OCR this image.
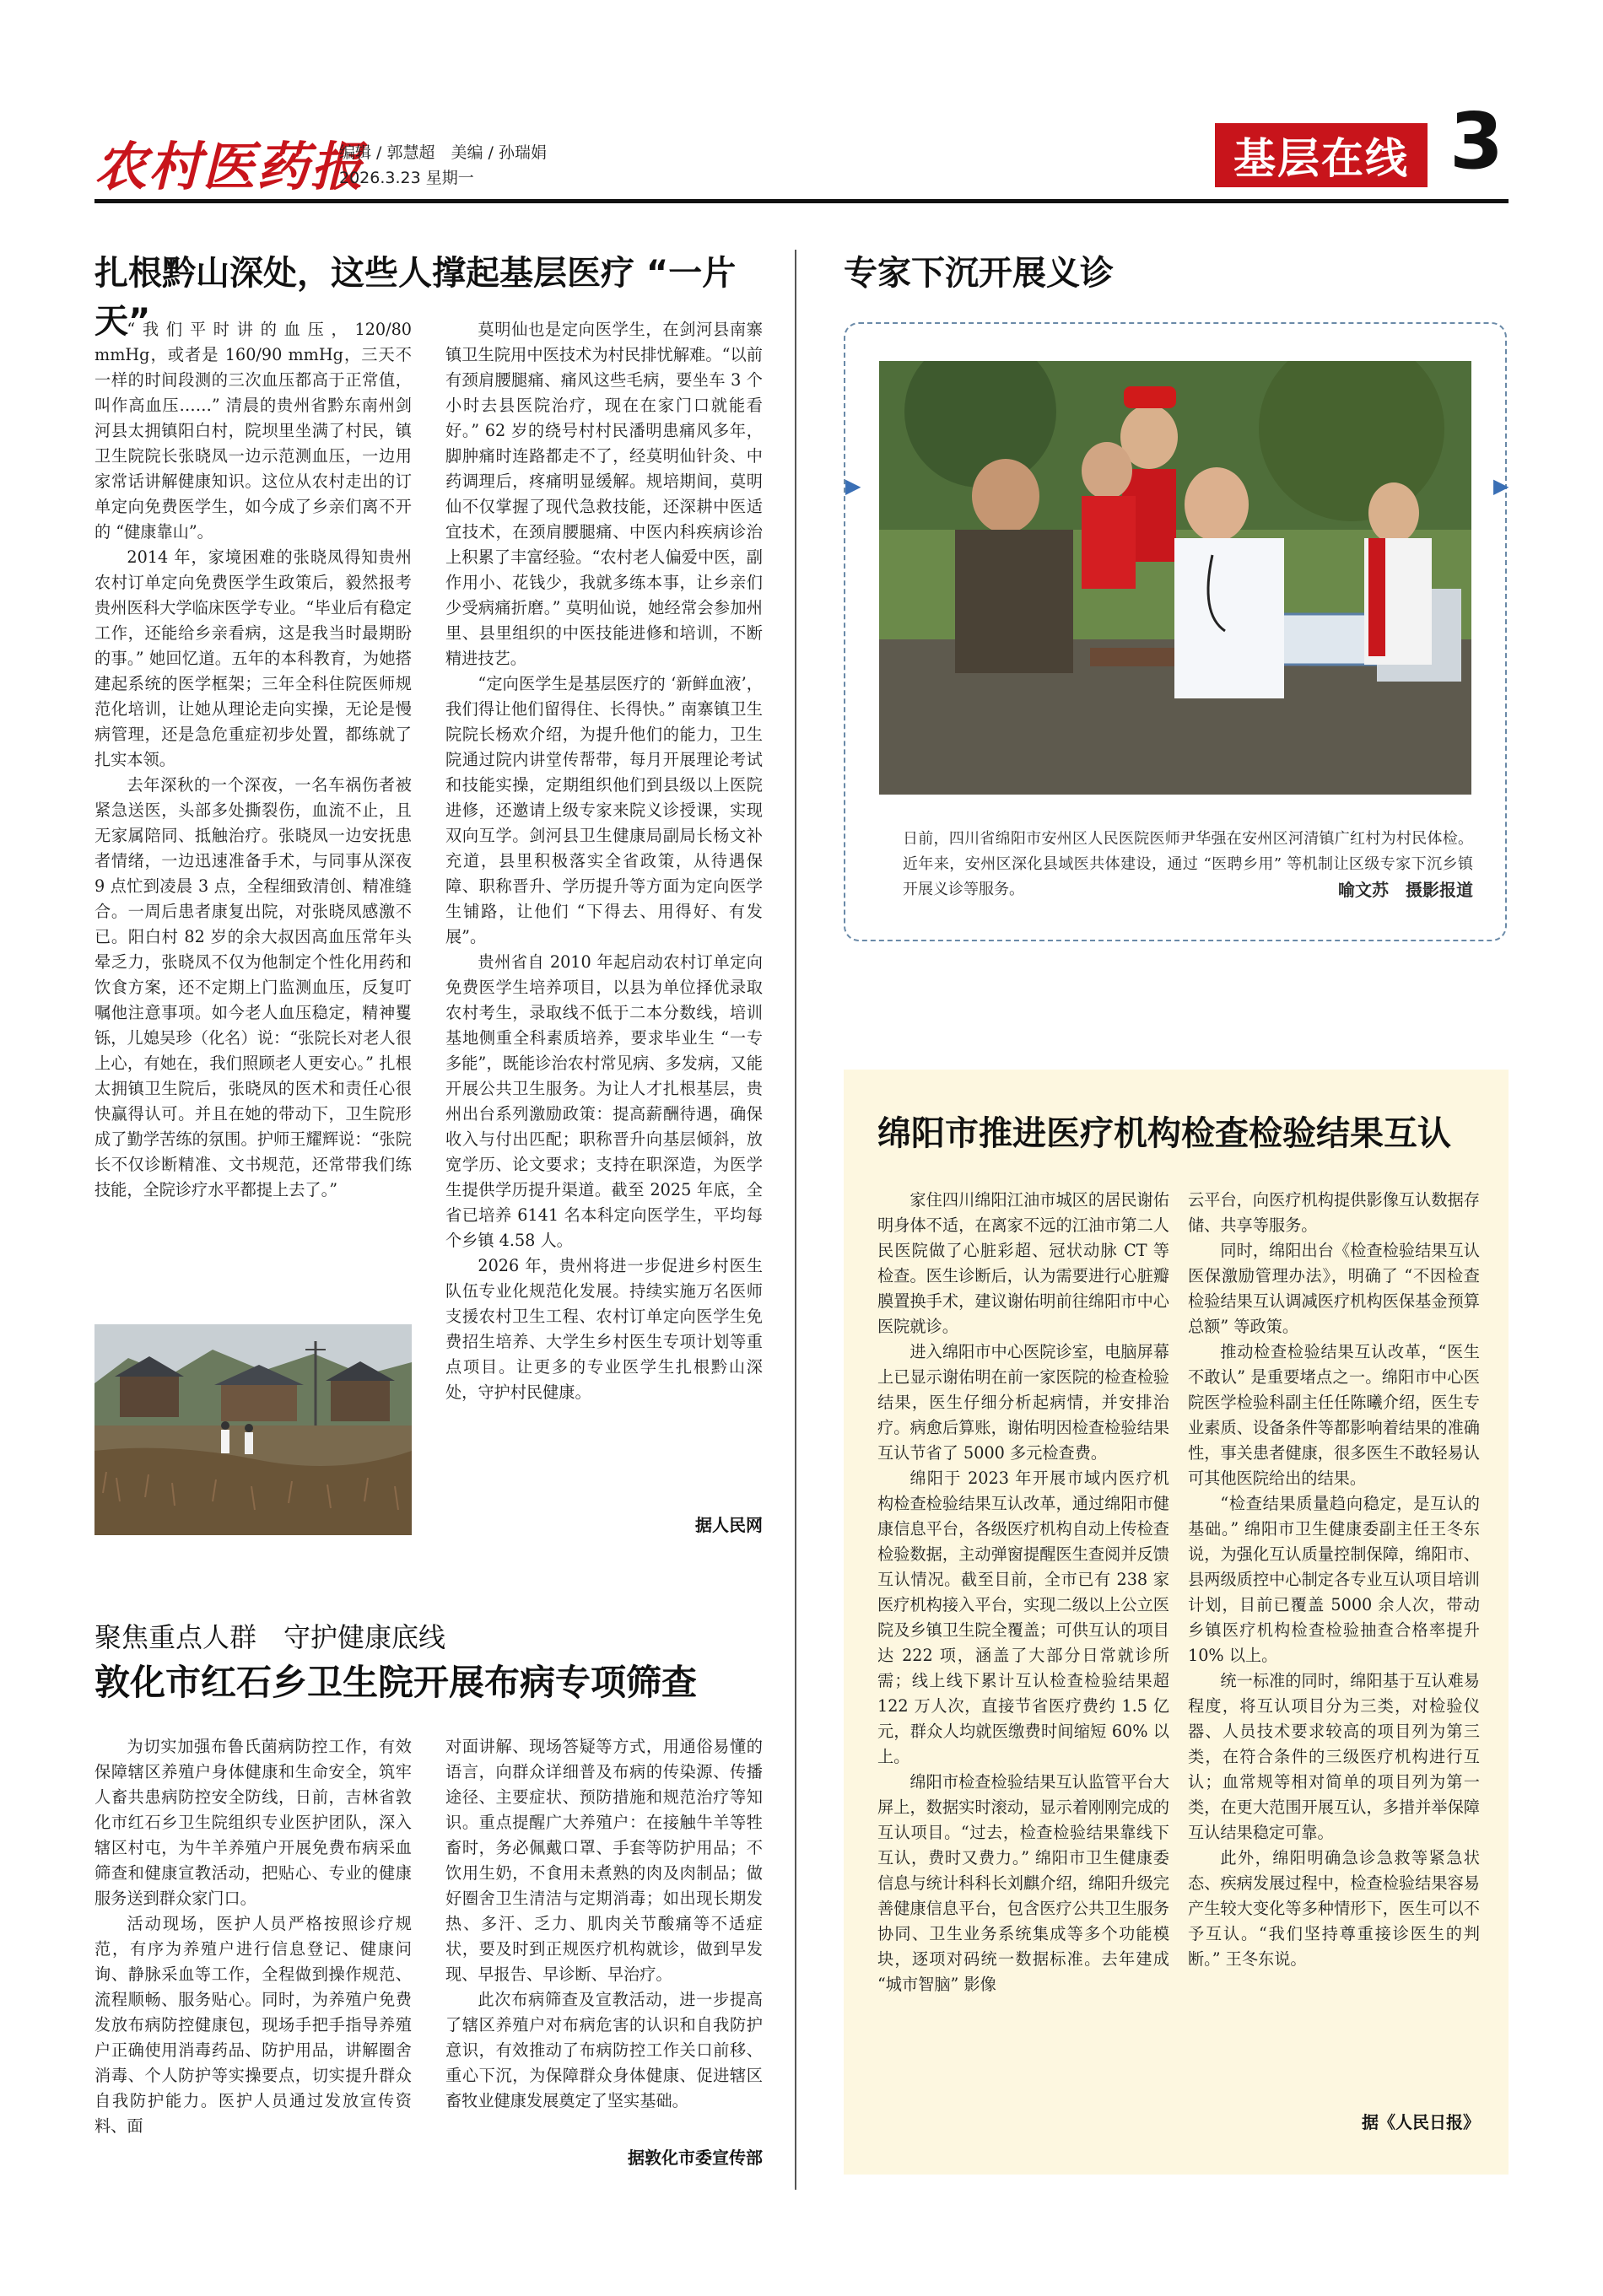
农村医药报
编辑 / 郭慧超　美编 / 孙瑞娟
2026.3.23 星期一	基层在线 3
扎根黔山深处，这些人撑起基层医疗 “一片天”

“我们平时讲的血压，120/80 mmHg，或者是 160/90 mmHg，三天不一样的时间段测的三次血压都高于正常值，叫作高血压……” 清晨的贵州省黔东南州剑河县太拥镇阳白村，院坝里坐满了村民，镇卫生院院长张晓凤一边示范测血压，一边用家常话讲解健康知识。这位从农村走出的订单定向免费医学生，如今成了乡亲们离不开的 “健康靠山”。

2014 年，家境困难的张晓凤得知贵州农村订单定向免费医学生政策后，毅然报考贵州医科大学临床医学专业。“毕业后有稳定工作，还能给乡亲看病，这是我当时最期盼的事。” 她回忆道。五年的本科教育，为她搭建起系统的医学框架；三年全科住院医师规范化培训，让她从理论走向实操，无论是慢病管理，还是急危重症初步处置，都练就了扎实本领。

去年深秋的一个深夜，一名车祸伤者被紧急送医，头部多处撕裂伤，血流不止，且无家属陪同、抵触治疗。张晓凤一边安抚患者情绪，一边迅速准备手术，与同事从深夜 9 点忙到凌晨 3 点，全程细致清创、精准缝合。一周后患者康复出院，对张晓凤感激不已。阳白村 82 岁的余大叔因高血压常年头晕乏力，张晓凤不仅为他制定个性化用药和饮食方案，还不定期上门监测血压，反复叮嘱他注意事项。如今老人血压稳定，精神矍铄，儿媳吴珍（化名）说：“张院长对老人很上心，有她在，我们照顾老人更安心。” 扎根太拥镇卫生院后，张晓凤的医术和责任心很快赢得认可。并且在她的带动下，卫生院形成了勤学苦练的氛围。护师王耀辉说：“张院长不仅诊断精准、文书规范，还常带我们练技能，全院诊疗水平都提上去了。”

莫明仙也是定向医学生，在剑河县南寨镇卫生院用中医技术为村民排忧解难。“以前有颈肩腰腿痛、痛风这些毛病，要坐车 3 个小时去县医院治疗，现在在家门口就能看好。” 62 岁的绕号村村民潘明患痛风多年，脚肿痛时连路都走不了，经莫明仙针灸、中药调理后，疼痛明显缓解。规培期间，莫明仙不仅掌握了现代急救技能，还深耕中医适宜技术，在颈肩腰腿痛、中医内科疾病诊治上积累了丰富经验。“农村老人偏爱中医，副作用小、花钱少，我就多练本事，让乡亲们少受病痛折磨。” 莫明仙说，她经常会参加州里、县里组织的中医技能进修和培训，不断精进技艺。

“定向医学生是基层医疗的 ‘新鲜血液’，我们得让他们留得住、长得快。” 南寨镇卫生院院长杨欢介绍，为提升他们的能力，卫生院通过院内讲堂传帮带，每月开展理论考试和技能实操，定期组织他们到县级以上医院进修，还邀请上级专家来院义诊授课，实现双向互学。剑河县卫生健康局副局长杨文补充道，县里积极落实全省政策，从待遇保障、职称晋升、学历提升等方面为定向医学生铺路，让他们 “下得去、用得好、有发展”。

贵州省自 2010 年起启动农村订单定向免费医学生培养项目，以县为单位择优录取农村考生，录取线不低于二本分数线，培训基地侧重全科素质培养，要求毕业生 “一专多能”，既能诊治农村常见病、多发病，又能开展公共卫生服务。为让人才扎根基层，贵州出台系列激励政策：提高薪酬待遇，确保收入与付出匹配；职称晋升向基层倾斜，放宽学历、论文要求；支持在职深造，为医学生提供学历提升渠道。截至 2025 年底，全省已培养 6141 名本科定向医学生，平均每个乡镇 4.58 人。

2026 年，贵州将进一步促进乡村医生队伍专业化规范化发展。持续实施万名医师支援农村卫生工程、农村订单定向医学生免费招生培养、大学生乡村医生专项计划等重点项目。让更多的专业医学生扎根黔山深处，守护村民健康。

据人民网
专家下沉开展义诊
▶	▶
日前，四川省绵阳市安州区人民医院医师尹华强在安州区河清镇广红村为村民体检。近年来，安州区深化县域医共体建设，通过 “医聘乡用” 等机制让区级专家下沉乡镇开展义诊等服务。	喻文苏　摄影报道
聚焦重点人群　守护健康底线
敦化市红石乡卫生院开展布病专项筛查

为切实加强布鲁氏菌病防控工作，有效保障辖区养殖户身体健康和生命安全，筑牢人畜共患病防控安全防线，日前，吉林省敦化市红石乡卫生院组织专业医护团队，深入辖区村屯，为牛羊养殖户开展免费布病采血筛查和健康宣教活动，把贴心、专业的健康服务送到群众家门口。

活动现场，医护人员严格按照诊疗规范，有序为养殖户进行信息登记、健康问询、静脉采血等工作，全程做到操作规范、流程顺畅、服务贴心。同时，为养殖户免费发放布病防控健康包，现场手把手指导养殖户正确使用消毒药品、防护用品，讲解圈舍消毒、个人防护等实操要点，切实提升群众自我防护能力。医护人员通过发放宣传资料、面

对面讲解、现场答疑等方式，用通俗易懂的语言，向群众详细普及布病的传染源、传播途径、主要症状、预防措施和规范治疗等知识。重点提醒广大养殖户：在接触牛羊等牲畜时，务必佩戴口罩、手套等防护用品；不饮用生奶，不食用未煮熟的肉及肉制品；做好圈舍卫生清洁与定期消毒；如出现长期发热、多汗、乏力、肌肉关节酸痛等不适症状，要及时到正规医疗机构就诊，做到早发现、早报告、早诊断、早治疗。

此次布病筛查及宣教活动，进一步提高了辖区养殖户对布病危害的认识和自我防护意识，有效推动了布病防控工作关口前移、重心下沉，为保障群众身体健康、促进辖区畜牧业健康发展奠定了坚实基础。

据敦化市委宣传部
绵阳市推进医疗机构检查检验结果互认

家住四川绵阳江油市城区的居民谢佑明身体不适，在离家不远的江油市第二人民医院做了心脏彩超、冠状动脉 CT 等检查。医生诊断后，认为需要进行心脏瓣膜置换手术，建议谢佑明前往绵阳市中心医院就诊。

进入绵阳市中心医院诊室，电脑屏幕上已显示谢佑明在前一家医院的检查检验结果，医生仔细分析起病情，并安排治疗。病愈后算账，谢佑明因检查检验结果互认节省了 5000 多元检查费。

绵阳于 2023 年开展市域内医疗机构检查检验结果互认改革，通过绵阳市健康信息平台，各级医疗机构自动上传检查检验数据，主动弹窗提醒医生查阅并反馈互认情况。截至目前，全市已有 238 家医疗机构接入平台，实现二级以上公立医院及乡镇卫生院全覆盖；可供互认的项目达 222 项，涵盖了大部分日常就诊所需；线上线下累计互认检查检验结果超 122 万人次，直接节省医疗费约 1.5 亿元，群众人均就医缴费时间缩短 60% 以上。

绵阳市检查检验结果互认监管平台大屏上，数据实时滚动，显示着刚刚完成的互认项目。“过去，检查检验结果靠线下互认，费时又费力。” 绵阳市卫生健康委信息与统计科科长刘麒介绍，绵阳升级完善健康信息平台，包含医疗公共卫生服务协同、卫生业务系统集成等多个功能模块，逐项对码统一数据标准。去年建成 “城市智脑” 影像

云平台，向医疗机构提供影像互认数据存储、共享等服务。

同时，绵阳出台《检查检验结果互认医保激励管理办法》，明确了 “不因检查检验结果互认调减医疗机构医保基金预算总额” 等政策。

推动检查检验结果互认改革，“医生不敢认” 是重要堵点之一。绵阳市中心医院医学检验科副主任任陈曦介绍，医生专业素质、设备条件等都影响着结果的准确性，事关患者健康，很多医生不敢轻易认可其他医院给出的结果。

“检查结果质量趋向稳定，是互认的基础。” 绵阳市卫生健康委副主任王冬东说，为强化互认质量控制保障，绵阳市、县两级质控中心制定各专业互认项目培训计划，目前已覆盖 5000 余人次，带动乡镇医疗机构检查检验抽查合格率提升 10% 以上。

统一标准的同时，绵阳基于互认难易程度，将互认项目分为三类，对检验仪器、人员技术要求较高的项目列为第三类，在符合条件的三级医疗机构进行互认；血常规等相对简单的项目列为第一类，在更大范围开展互认，多措并举保障互认结果稳定可靠。

此外，绵阳明确急诊急救等紧急状态、疾病发展过程中，检查检验结果容易产生较大变化等多种情形下，医生可以不予互认。“我们坚持尊重接诊医生的判断。” 王冬东说。

据《人民日报》
